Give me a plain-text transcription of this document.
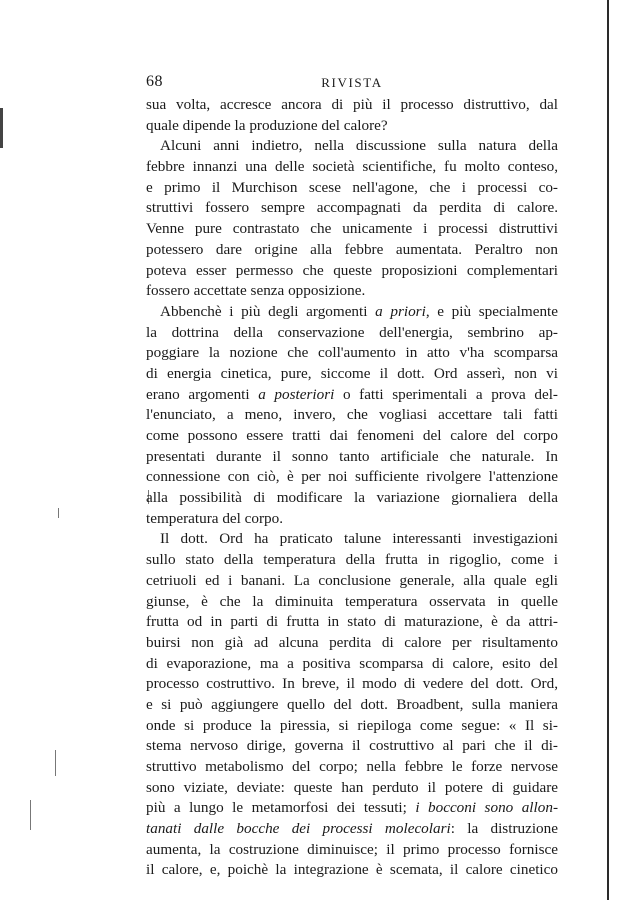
68	RIVISTA
sua volta, accresce ancora di più il processo distruttivo, dal
quale dipende la produzione del calore?
Alcuni anni indietro, nella discussione sulla natura della
febbre innanzi una delle società scientifiche, fu molto conteso,
e primo il Murchison scese nell'agone, che i processi co-
struttivi fossero sempre accompagnati da perdita di calore.
Venne pure contrastato che unicamente i processi distruttivi
potessero dare origine alla febbre aumentata. Peraltro non
poteva esser permesso che queste proposizioni complementari
fossero accettate senza opposizione.
Abbenchè i più degli argomenti a priori, e più specialmente
la dottrina della conservazione dell'energia, sembrino ap-
poggiare la nozione che coll'aumento in atto v'ha scomparsa
di energia cinetica, pure, siccome il dott. Ord asserì, non vi
erano argomenti a posteriori o fatti sperimentali a prova del-
l'enunciato, a meno, invero, che vogliasi accettare tali fatti
come possono essere tratti dai fenomeni del calore del corpo
presentati durante il sonno tanto artificiale che naturale. In
connessione con ciò, è per noi sufficiente rivolgere l'attenzione
alla possibilità di modificare la variazione giornaliera della
temperatura del corpo.
Il dott. Ord ha praticato talune interessanti investigazioni
sullo stato della temperatura della frutta in rigoglio, come i
cetriuoli ed i banani. La conclusione generale, alla quale egli
giunse, è che la diminuita temperatura osservata in quelle
frutta od in parti di frutta in stato di maturazione, è da attri-
buirsi non già ad alcuna perdita di calore per risultamento
di evaporazione, ma a positiva scomparsa di calore, esito del
processo costruttivo. In breve, il modo di vedere del dott. Ord,
e si può aggiungere quello del dott. Broadbent, sulla maniera
onde si produce la piressia, si riepiloga come segue: « Il si-
stema nervoso dirige, governa il costruttivo al pari che il di-
struttivo metabolismo del corpo; nella febbre le forze nervose
sono viziate, deviate: queste han perduto il potere di guidare
più a lungo le metamorfosi dei tessuti; i bocconi sono allon-
tanati dalle bocche dei processi molecolari: la distruzione
aumenta, la costruzione diminuisce; il primo processo fornisce
il calore, e, poichè la integrazione è scemata, il calore cinetico
